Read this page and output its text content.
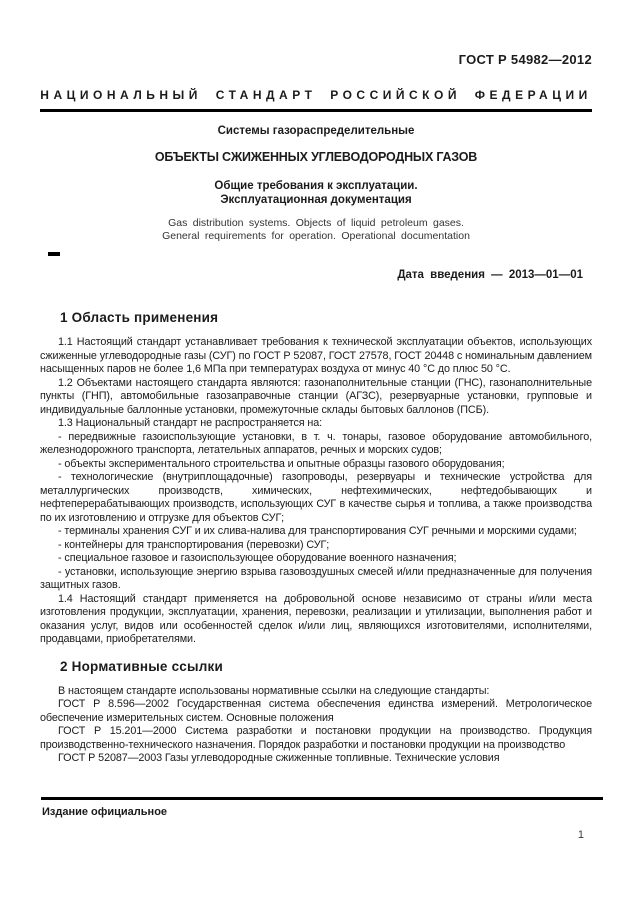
ГОСТ Р 54982—2012
НАЦИОНАЛЬНЫЙ СТАНДАРТ РОССИЙСКОЙ ФЕДЕРАЦИИ
Системы газораспределительные
ОБЪЕКТЫ СЖИЖЕННЫХ УГЛЕВОДОРОДНЫХ ГАЗОВ
Общие требования к эксплуатации.
Эксплуатационная документация
Gas distribution systems. Objects of liquid petroleum gases.
General requirements for operation. Operational documentation
Дата введения — 2013—01—01
1 Область применения

1.1 Настоящий стандарт устанавливает требования к технической эксплуатации объектов, использующих сжиженные углеводородные газы (СУГ) по ГОСТ Р 52087, ГОСТ 27578, ГОСТ 20448 с номинальным давлением насыщенных паров не более 1,6 МПа при температурах воздуха от минус 40 °С до плюс 50 °С.

1.2 Объектами настоящего стандарта являются: газонаполнительные станции (ГНС), газонаполнительные пункты (ГНП), автомобильные газозаправочные станции (АГЗС), резервуарные установки, групповые и индивидуальные баллонные установки, промежуточные склады бытовых баллонов (ПСБ).

1.3 Национальный стандарт не распространяется на:

- передвижные газоиспользующие установки, в т. ч. тонары, газовое оборудование автомобильного, железнодорожного транспорта, летательных аппаратов, речных и морских судов;

- объекты экспериментального строительства и опытные образцы газового оборудования;

- технологические (внутриплощадочные) газопроводы, резервуары и технические устройства для металлургических производств, химических, нефтехимических, нефтедобывающих и нефтеперерабатывающих производств, использующих СУГ в качестве сырья и топлива, а также производства по их изготовлению и отгрузке для объектов СУГ;

- терминалы хранения СУГ и их слива-налива для транспортирования СУГ речными и морскими судами;

- контейнеры для транспортирования (перевозки) СУГ;

- специальное газовое и газоиспользующее оборудование военного назначения;

- установки, использующие энергию взрыва газовоздушных смесей и/или предназначенные для получения защитных газов.

1.4 Настоящий стандарт применяется на добровольной основе независимо от страны и/или места изготовления продукции, эксплуатации, хранения, перевозки, реализации и утилизации, выполнения работ и оказания услуг, видов или особенностей сделок и/или лиц, являющихся изготовителями, исполнителями, продавцами, приобретателями.

2 Нормативные ссылки

В настоящем стандарте использованы нормативные ссылки на следующие стандарты:

ГОСТ Р 8.596—2002 Государственная система обеспечения единства измерений. Метрологическое обеспечение измерительных систем. Основные положения

ГОСТ Р 15.201—2000 Система разработки и постановки продукции на производство. Продукция производственно-технического назначения. Порядок разработки и постановки продукции на производство

ГОСТ Р 52087—2003 Газы углеводородные сжиженные топливные. Технические условия

Издание официальное
1
